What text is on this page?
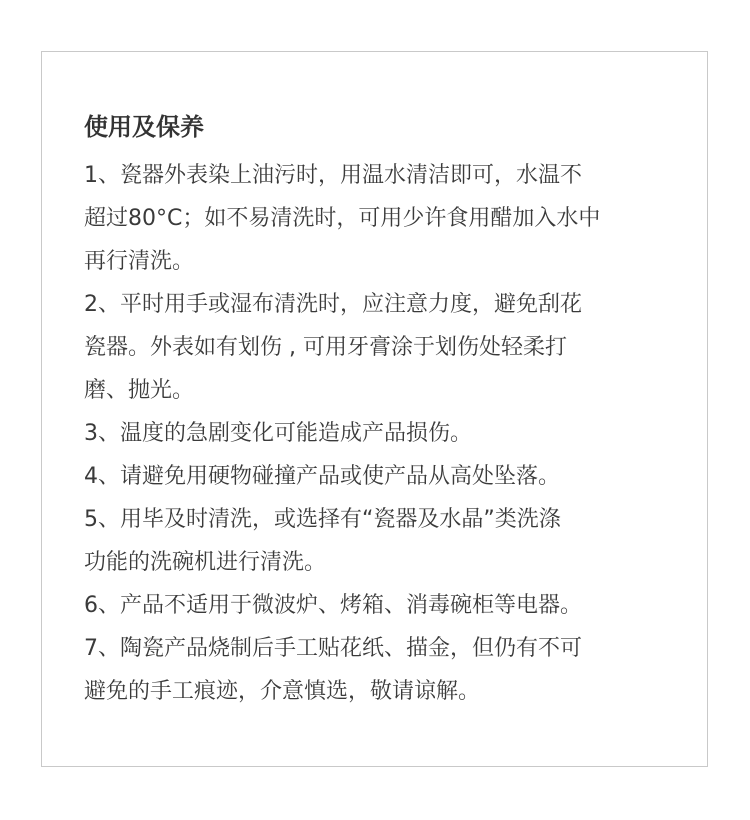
使用及保养
1、瓷器外表染上油污时，用温水清洁即可，水温不
超过80°C；如不易清洗时，可用少许食用醋加入水中
再行清洗。
2、平时用手或湿布清洗时，应注意力度，避免刮花
瓷器。外表如有划伤 , 可用牙膏涂于划伤处轻柔打
磨、抛光。
3、温度的急剧变化可能造成产品损伤。
4、请避免用硬物碰撞产品或使产品从高处坠落。
5、用毕及时清洗，或选择有“瓷器及水晶”类洗涤
功能的洗碗机进行清洗。
6、产品不适用于微波炉、烤箱、消毒碗柜等电器。
7、陶瓷产品烧制后手工贴花纸、描金，但仍有不可
避免的手工痕迹，介意慎选，敬请谅解。
